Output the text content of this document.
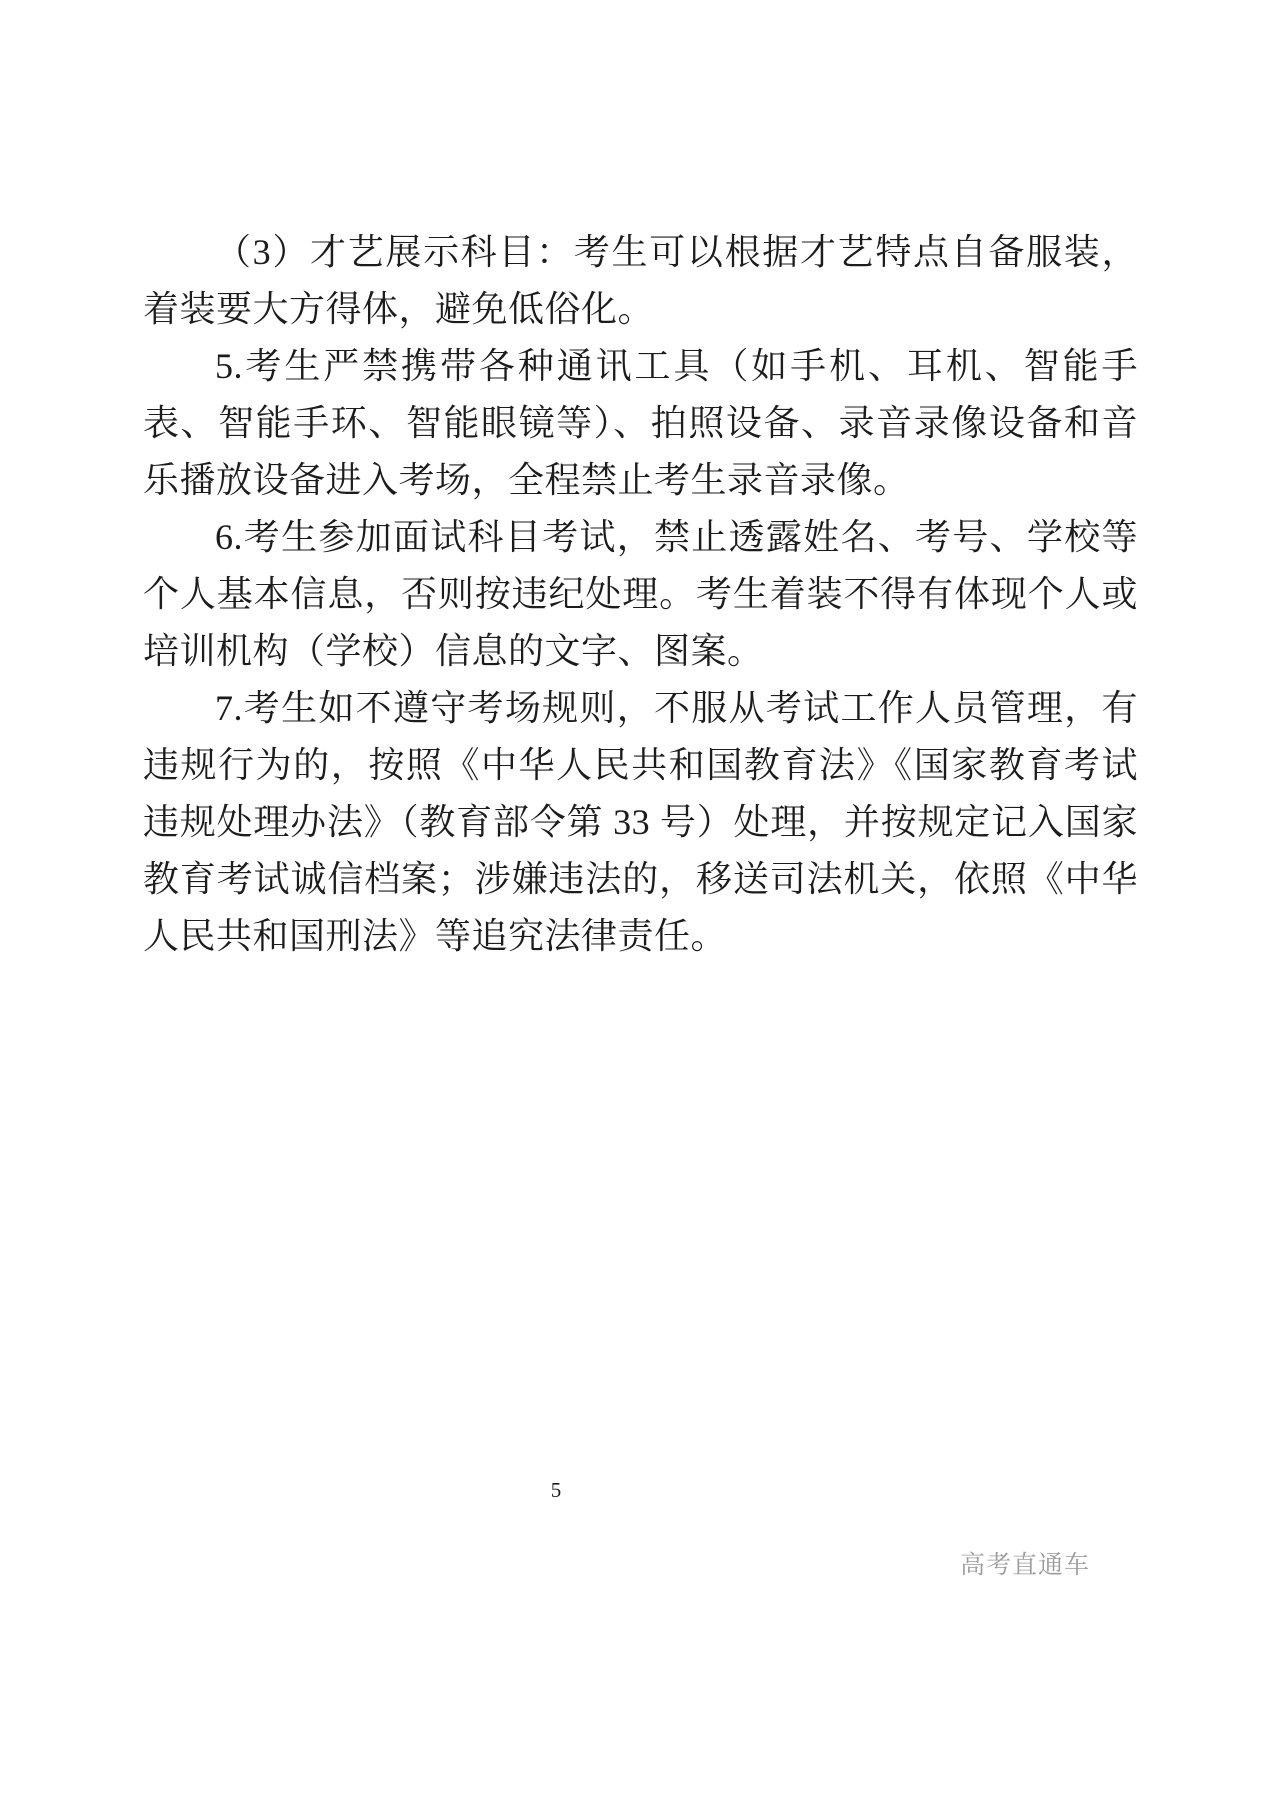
（3）才艺展示科目：考生可以根据才艺特点自备服装，着装要大方得体，避免低俗化。

5.考生严禁携带各种通讯工具（如手机、耳机、智能手表、智能手环、智能眼镜等）、拍照设备、录音录像设备和音乐播放设备进入考场，全程禁止考生录音录像。

6.考生参加面试科目考试，禁止透露姓名、考号、学校等个人基本信息，否则按违纪处理。考生着装不得有体现个人或培训机构（学校）信息的文字、图案。

7.考生如不遵守考场规则，不服从考试工作人员管理，有违规行为的，按照《中华人民共和国教育法》《国家教育考试违规处理办法》（教育部令第 33 号）处理，并按规定记入国家教育考试诚信档案；涉嫌违法的，移送司法机关，依照《中华人民共和国刑法》等追究法律责任。

5
高考直通车
